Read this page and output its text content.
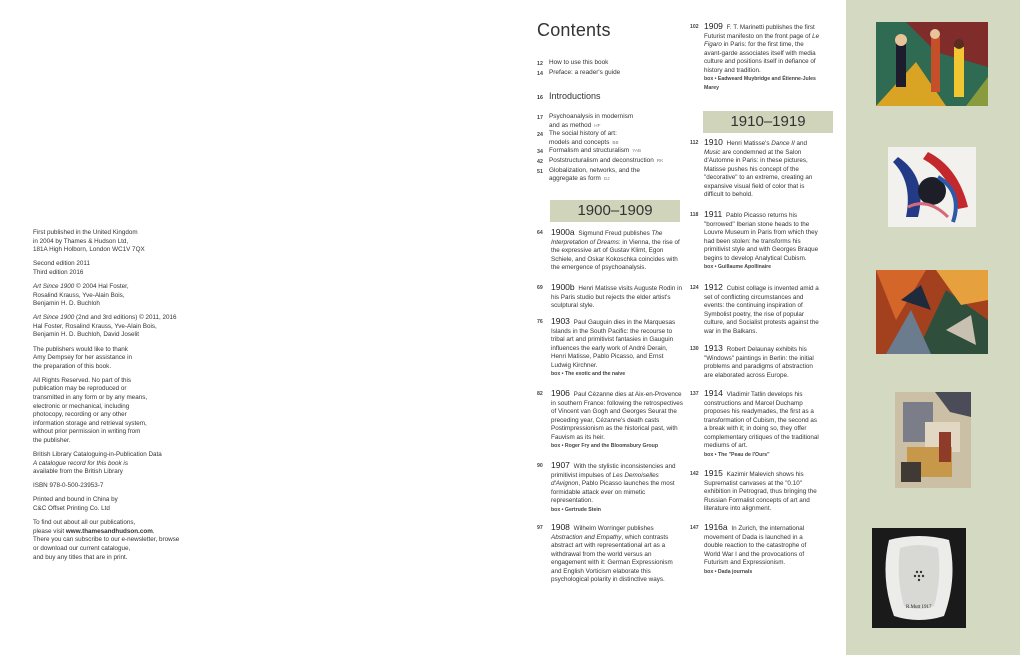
First published in the United Kingdom
in 2004 by Thames & Hudson Ltd,
181A High Holborn, London WC1V 7QX

Second edition 2011
Third edition 2016

Art Since 1900 © 2004 Hal Foster,
Rosalind Krauss, Yve-Alain Bois,
Benjamin H. D. Buchloh

Art Since 1900 (2nd and 3rd editions) © 2011, 2016
Hal Foster, Rosalind Krauss, Yve-Alain Bois,
Benjamin H. D. Buchloh, David Joselit

The publishers would like to thank
Amy Dempsey for her assistance in
the preparation of this book.

All Rights Reserved. No part of this
publication may be reproduced or
transmitted in any form or by any means,
electronic or mechanical, including
photocopy, recording or any other
information storage and retrieval system,
without prior permission in writing from
the publisher.

British Library Cataloguing-in-Publication Data
A catalogue record for this book is
available from the British Library

ISBN 978-0-500-23953-7

Printed and bound in China by
C&C Offset Printing Co. Ltd

To find out about all our publications,
please visit www.thamesandhudson.com.
There you can subscribe to our e-newsletter, browse
or download our current catalogue,
and buy any titles that are in print.

Contents
12 How to use this book
14 Preface: a reader's guide
16 Introductions
17 Psychoanalysis in modernism
and as method HF
24 The social history of art:
models and concepts BB
34 Formalism and structuralism YAB
42 Poststructuralism and deconstruction RK
51 Globalization, networks, and the
aggregate as form DJ
1900–1909
1910–1919
64 1900a Sigmund Freud publishes The Interpretation of Dreams: in Vienna, the rise of the expressive art of Gustav Klimt, Egon Schiele, and Oskar Kokoschka coincides with the emergence of psychoanalysis.
69 1900b Henri Matisse visits Auguste Rodin in his Paris studio but rejects the elder artist's sculptural style.
76 1903 Paul Gauguin dies in the Marquesas Islands in the South Pacific: the recourse to tribal art and primitivist fantasies in Gauguin influences the early work of André Derain, Henri Matisse, Pablo Picasso, and Ernst Ludwig Kirchner.
box • The exotic and the naive
82 1906 Paul Cézanne dies at Aix-en-Provence in southern France: following the retrospectives of Vincent van Gogh and Georges Seurat the preceding year, Cézanne's death casts Postimpressionism as the historical past, with Fauvism as its heir.
box • Roger Fry and the Bloomsbury Group
90 1907 With the stylistic inconsistencies and primitivist impulses of Les Demoiselles d'Avignon, Pablo Picasso launches the most formidable attack ever on mimetic representation.
box • Gertrude Stein
97 1908 Wilhelm Worringer publishes Abstraction and Empathy, which contrasts abstract art with representational art as a withdrawal from the world versus an engagement with it: German Expressionism and English Vorticism elaborate this psychological polarity in distinctive ways.
102 1909 F. T. Marinetti publishes the first Futurist manifesto on the front page of Le Figaro in Paris: for the first time, the avant-garde associates itself with media culture and positions itself in defiance of history and tradition.
box • Eadweard Muybridge and Étienne-Jules Marey
112 1910 Henri Matisse's Dance II and Music are condemned at the Salon d'Automne in Paris: in these pictures, Matisse pushes his concept of the "decorative" to an extreme, creating an expansive visual field of color that is difficult to behold.
118 1911 Pablo Picasso returns his "borrowed" Iberian stone heads to the Louvre Museum in Paris from which they had been stolen: he transforms his primitivist style and with Georges Braque begins to develop Analytical Cubism.
box • Guillaume Apollinaire
124 1912 Cubist collage is invented amid a set of conflicting circumstances and events: the continuing inspiration of Symbolist poetry, the rise of popular culture, and Socialist protests against the war in the Balkans.
130 1913 Robert Delaunay exhibits his "Windows" paintings in Berlin: the initial problems and paradigms of abstraction are elaborated across Europe.
137 1914 Vladimir Tatlin develops his constructions and Marcel Duchamp proposes his readymades, the first as a transformation of Cubism, the second as a break with it; in doing so, they offer complementary critiques of the traditional mediums of art.
box • The "Peau de l'Ours"
142 1915 Kazimir Malevich shows his Suprematist canvases at the "0.10" exhibition in Petrograd, thus bringing the Russian Formalist concepts of art and literature into alignment.
147 1916a In Zurich, the international movement of Dada is launched in a double reaction to the catastrophe of World War I and the provocations of Futurism and Expressionism.
box • Dada journals
R.Mutt 1917
